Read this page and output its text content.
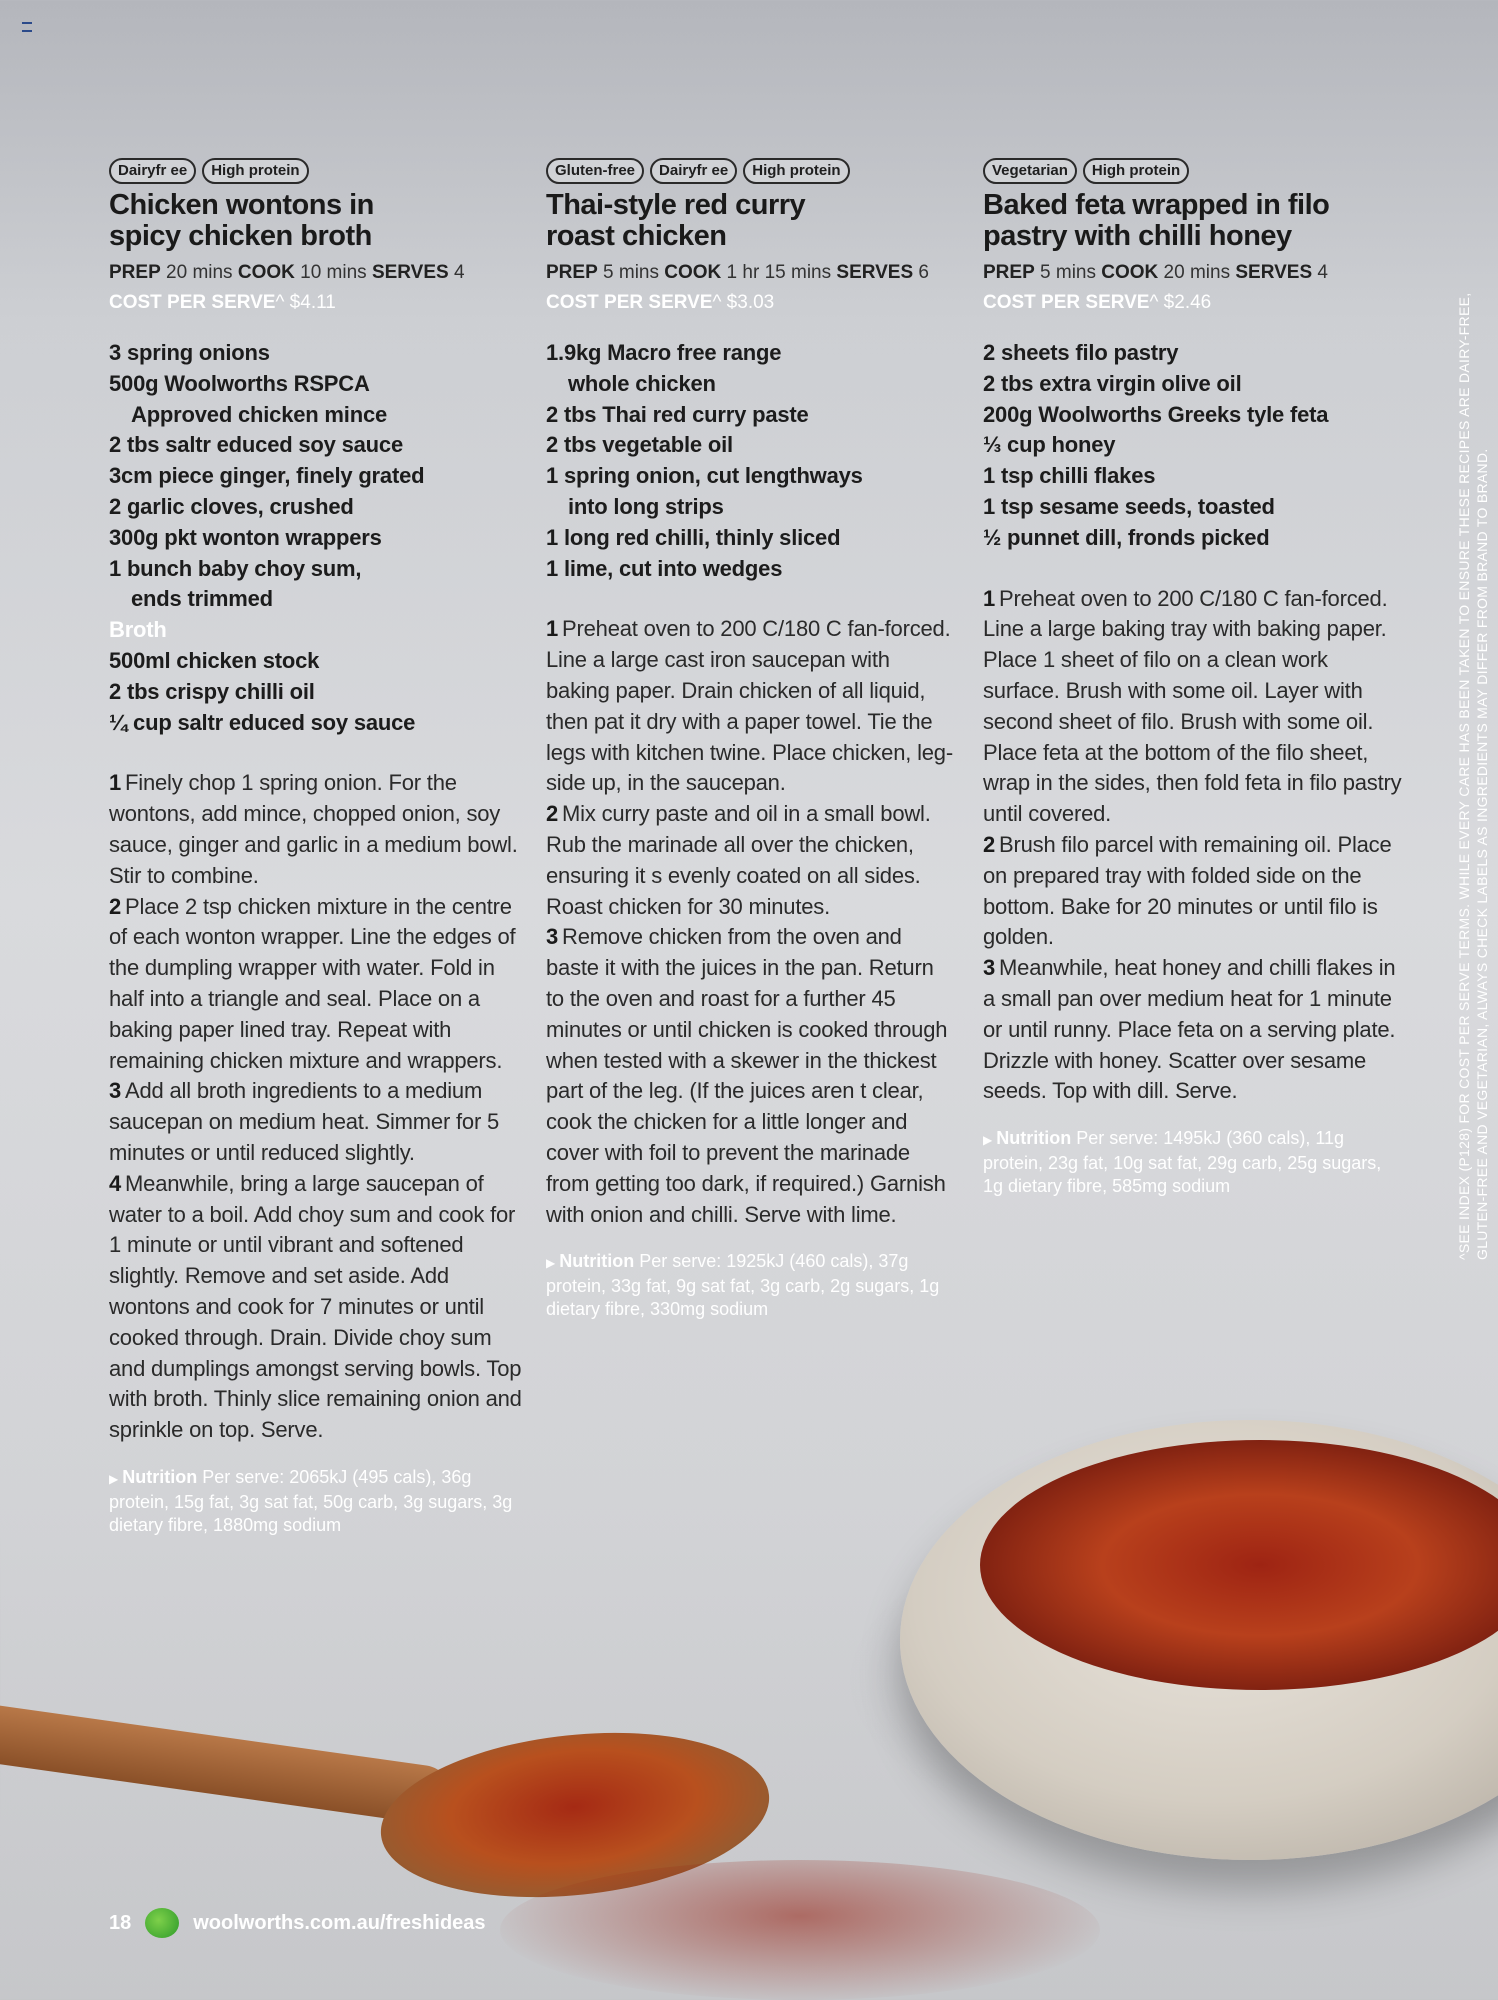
Dairyfr ee	High protein
Chicken wontons in
spicy chicken broth
PREP 20 mins COOK 10 mins SERVES 4
COST PER SERVE^ $4.11
3 spring onions
500g Woolworths RSPCA
Approved chicken mince
2 tbs saltr educed soy sauce
3cm piece ginger, finely grated
2 garlic cloves, crushed
300g pkt wonton wrappers
1 bunch baby choy sum,
ends trimmed
Broth
500ml chicken stock
2 tbs crispy chilli oil
¼ cup saltr educed soy sauce
1 Finely chop 1 spring onion. For the wontons, add mince, chopped onion, soy sauce, ginger and garlic in a medium bowl. Stir to combine.
2 Place 2 tsp chicken mixture in the centre of each wonton wrapper. Line the edges of the dumpling wrapper with water. Fold in half into a triangle and seal. Place on a baking paper lined tray. Repeat with remaining chicken mixture and wrappers.
3 Add all broth ingredients to a medium saucepan on medium heat. Simmer for 5 minutes or until reduced slightly.
4 Meanwhile, bring a large saucepan of water to a boil. Add choy sum and cook for 1 minute or until vibrant and softened slightly. Remove and set aside. Add wontons and cook for 7 minutes or until cooked through. Drain. Divide choy sum and dumplings amongst serving bowls. Top with broth. Thinly slice remaining onion and sprinkle on top. Serve.
▶ Nutrition Per serve: 2065kJ (495 cals), 36g protein, 15g fat, 3g sat fat, 50g carb, 3g sugars, 3g dietary fibre, 1880mg sodium
Gluten-free	Dairyfr ee	High protein
Thai-style red curry
roast chicken
PREP 5 mins COOK 1 hr 15 mins SERVES 6
COST PER SERVE^ $3.03
1.9kg Macro free range
whole chicken
2 tbs Thai red curry paste
2 tbs vegetable oil
1 spring onion, cut lengthways
into long strips
1 long red chilli, thinly sliced
1 lime, cut into wedges
1 Preheat oven to 200 C/180 C fan-forced. Line a large cast iron saucepan with baking paper. Drain chicken of all liquid, then pat it dry with a paper towel. Tie the legs with kitchen twine. Place chicken, leg-side up, in the saucepan.
2 Mix curry paste and oil in a small bowl. Rub the marinade all over the chicken, ensuring it s evenly coated on all sides. Roast chicken for 30 minutes.
3 Remove chicken from the oven and baste it with the juices in the pan. Return to the oven and roast for a further 45 minutes or until chicken is cooked through when tested with a skewer in the thickest part of the leg. (If the juices aren t clear, cook the chicken for a little longer and cover with foil to prevent the marinade from getting too dark, if required.) Garnish with onion and chilli. Serve with lime.
▶ Nutrition Per serve: 1925kJ (460 cals), 37g protein, 33g fat, 9g sat fat, 3g carb, 2g sugars, 1g dietary fibre, 330mg sodium
Vegetarian	High protein
Baked feta wrapped in filo
pastry with chilli honey
PREP 5 mins COOK 20 mins SERVES 4
COST PER SERVE^ $2.46
2 sheets filo pastry
2 tbs extra virgin olive oil
200g Woolworths Greeks tyle feta
⅓ cup honey
1 tsp chilli flakes
1 tsp sesame seeds, toasted
½ punnet dill, fronds picked
1 Preheat oven to 200 C/180 C fan-forced. Line a large baking tray with baking paper. Place 1 sheet of filo on a clean work surface. Brush with some oil. Layer with second sheet of filo. Brush with some oil. Place feta at the bottom of the filo sheet, wrap in the sides, then fold feta in filo pastry until covered.
2 Brush filo parcel with remaining oil. Place on prepared tray with folded side on the bottom. Bake for 20 minutes or until filo is golden.
3 Meanwhile, heat honey and chilli flakes in a small pan over medium heat for 1 minute or until runny. Place feta on a serving plate. Drizzle with honey. Scatter over sesame seeds. Top with dill. Serve.
▶ Nutrition Per serve: 1495kJ (360 cals), 11g protein, 23g fat, 10g sat fat, 29g carb, 25g sugars, 1g dietary fibre, 585mg sodium	^SEE INDEX (P128) FOR COST PER SERVE TERMS. WHILE EVERY CARE HAS BEEN TAKEN TO ENSURE THESE RECIPES ARE DAIRY-FREE, GLUTEN-FREE AND VEGETARIAN, ALWAYS CHECK LABELS AS INGREDIENTS MAY DIFFER FROM BRAND TO BRAND.
18	woolworths.com.au/freshideas
